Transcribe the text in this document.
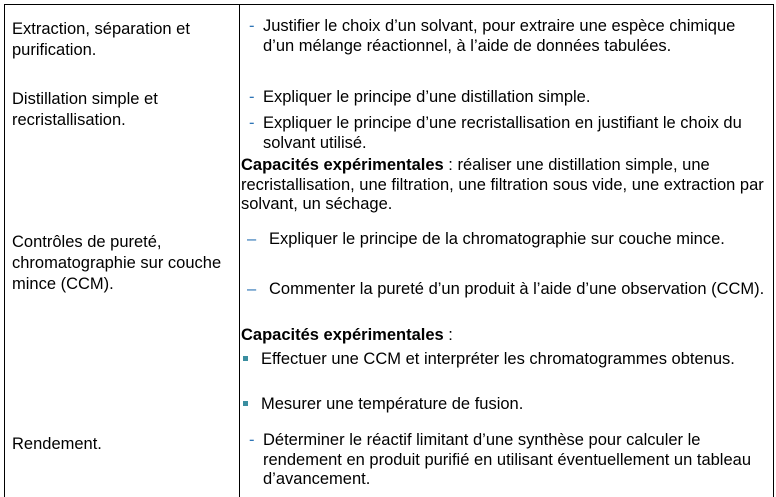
Extraction, séparation et purification.
Distillation simple et recristallisation.
Contrôles de pureté, chromatographie sur couche mince (CCM).
Rendement.
- Justifier le choix d’un solvant, pour extraire une espèce chimique d’un mélange réactionnel, à l’aide de données tabulées.
- Expliquer le principe d’une distillation simple.
- Expliquer le principe d’une recristallisation en justifiant le choix du solvant utilisé.
Capacités expérimentales : réaliser une distillation simple, une recristallisation, une filtration, une filtration sous vide, une extraction par solvant, un séchage.
– Expliquer le principe de la chromatographie sur couche mince.
– Commenter la pureté d’un produit à l’aide d’une observation (CCM).
Capacités expérimentales :
Effectuer une CCM et interpréter les chromatogrammes obtenus.
Mesurer une température de fusion.
- Déterminer le réactif limitant d’une synthèse pour calculer le rendement en produit purifié en utilisant éventuellement un tableau d’avancement.
